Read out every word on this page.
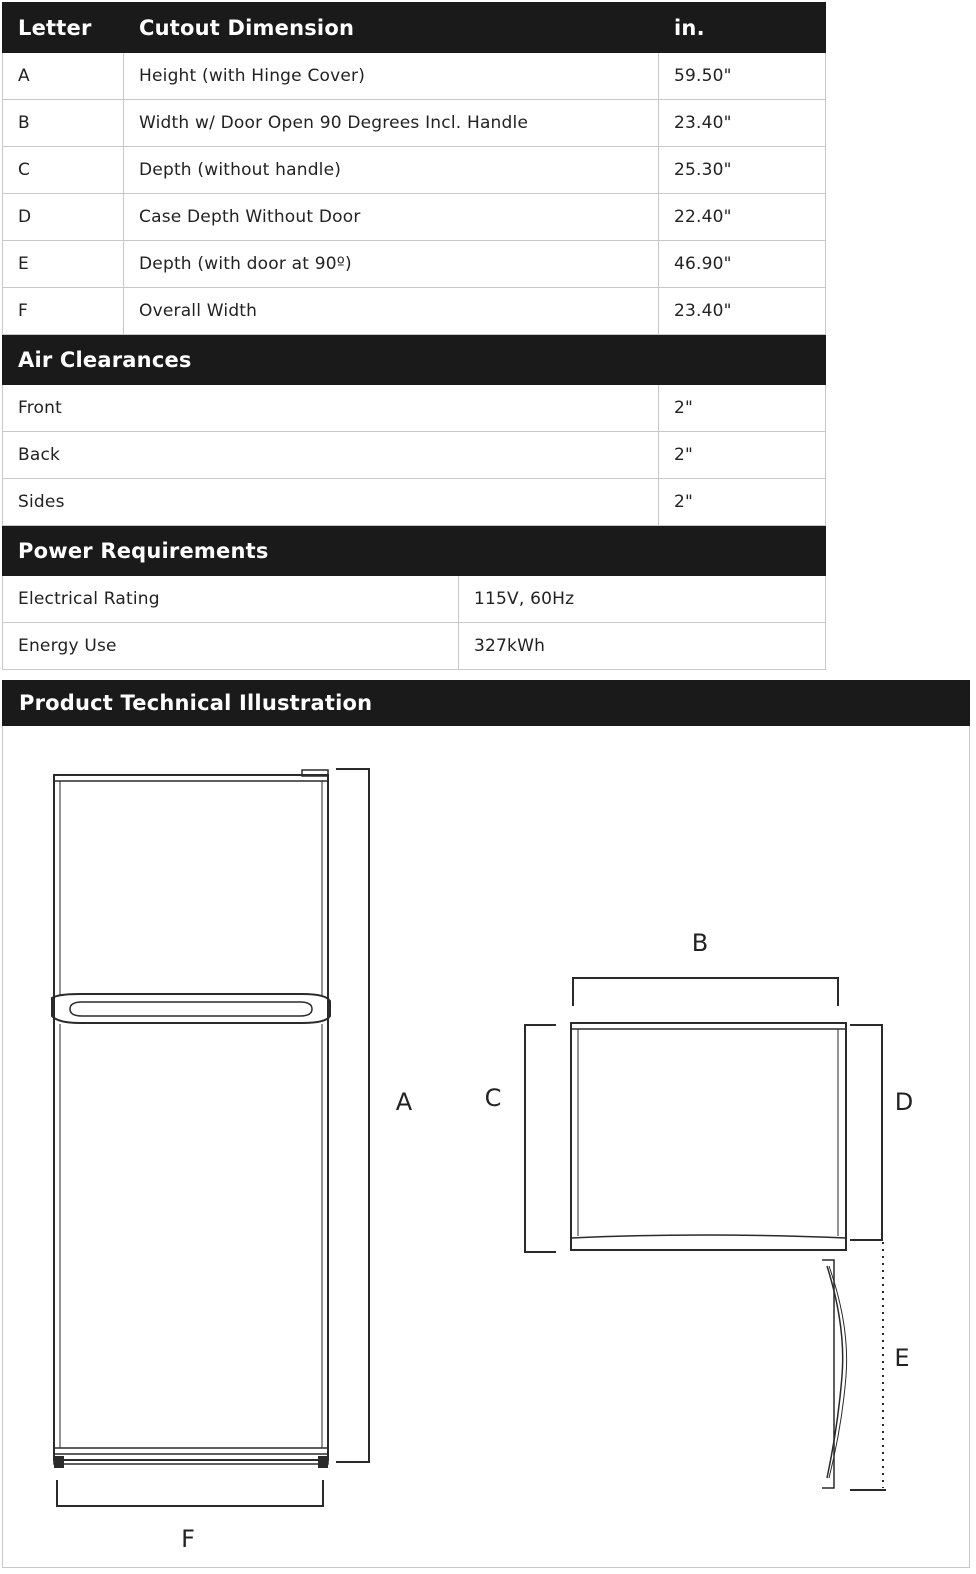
Letter	Cutout Dimension		in.
A	Height (with Hinge Cover)		59.50"
B	Width w/ Door Open 90 Degrees Incl. Handle		23.40"
C	Depth (without handle)		25.30"
D	Case Depth Without Door		22.40"
E	Depth (with door at 90º)		46.90"
F	Overall Width		23.40"
Air Clearances			
Front			2"
Back			2"
Sides			2"
Power Requirements			
Electrical Rating		115V, 60Hz	
Energy Use		327kWh	
Product Technical Illustration
A
F
B
C	D
E
